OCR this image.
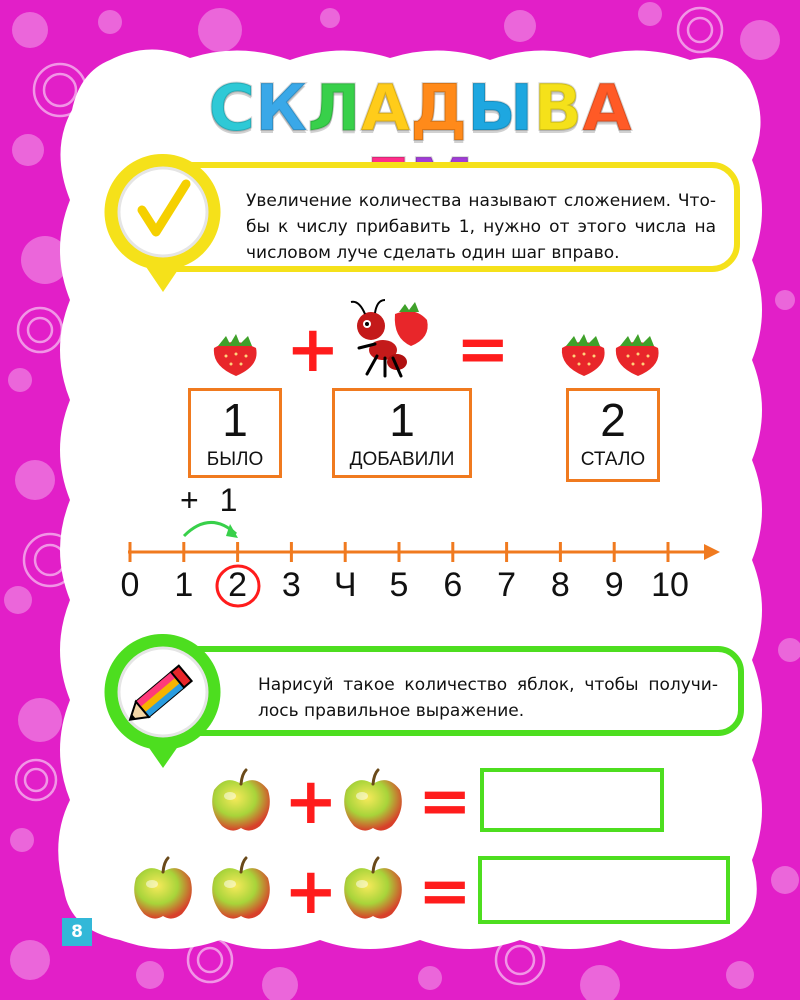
СКЛАДЫВА
Увеличение количества называют сложением. Что-бы к числу прибавить 1, нужно от этого числа на числовом луче сделать один шаг вправо.
+ =
1
БЫЛО
1
ДОБАВИЛИ
2
СТАЛО
+ 1
0	1	2	3 Ч 5	6	7	8	9 10
Нарисуй такое количество яблок, чтобы получи-лось правильное выражение.
+ =
+ =
8
